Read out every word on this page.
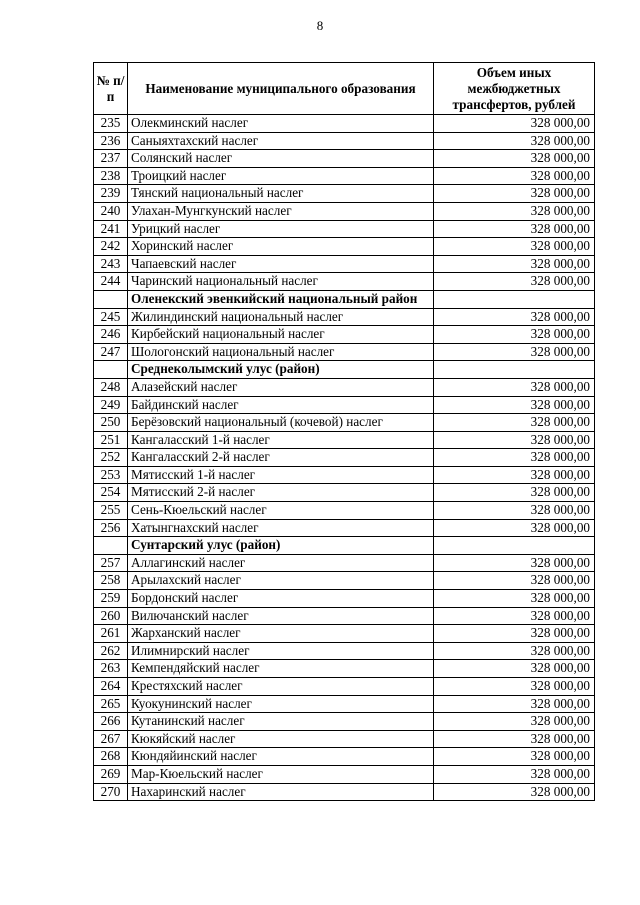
8
№ п/п	Наименование муниципального образования	Объем иных межбюджетных трансфертов, рублей
235	Олекминский наслег	328 000,00
236	Саныяхтахский наслег	328 000,00
237	Солянский наслег	328 000,00
238	Троицкий наслег	328 000,00
239	Тянский национальный наслег	328 000,00
240	Улахан-Мунгкунский наслег	328 000,00
241	Урицкий наслег	328 000,00
242	Хоринский наслег	328 000,00
243	Чапаевский наслег	328 000,00
244	Чаринский национальный наслег	328 000,00
	Оленекский эвенкийский национальный район	
245	Жилиндинский национальный наслег	328 000,00
246	Кирбейский национальный наслег	328 000,00
247	Шологонский национальный наслег	328 000,00
	Среднеколымский улус (район)	
248	Алазейский наслег	328 000,00
249	Байдинский наслег	328 000,00
250	Берёзовский национальный (кочевой) наслег	328 000,00
251	Кангаласский 1-й наслег	328 000,00
252	Кангаласский 2-й наслег	328 000,00
253	Мятисский 1-й наслег	328 000,00
254	Мятисский 2-й наслег	328 000,00
255	Сень-Кюельский наслег	328 000,00
256	Хатынгнахский наслег	328 000,00
	Сунтарский улус (район)	
257	Аллагинский наслег	328 000,00
258	Арылахский наслег	328 000,00
259	Бордонский наслег	328 000,00
260	Вилючанский наслег	328 000,00
261	Жарханский наслег	328 000,00
262	Илимнирский наслег	328 000,00
263	Кемпендяйский наслег	328 000,00
264	Крестяхский наслег	328 000,00
265	Куокунинский наслег	328 000,00
266	Кутанинский наслег	328 000,00
267	Кюкяйский наслег	328 000,00
268	Кюндяйинский наслег	328 000,00
269	Мар-Кюельский наслег	328 000,00
270	Нахаринский наслег	328 000,00
